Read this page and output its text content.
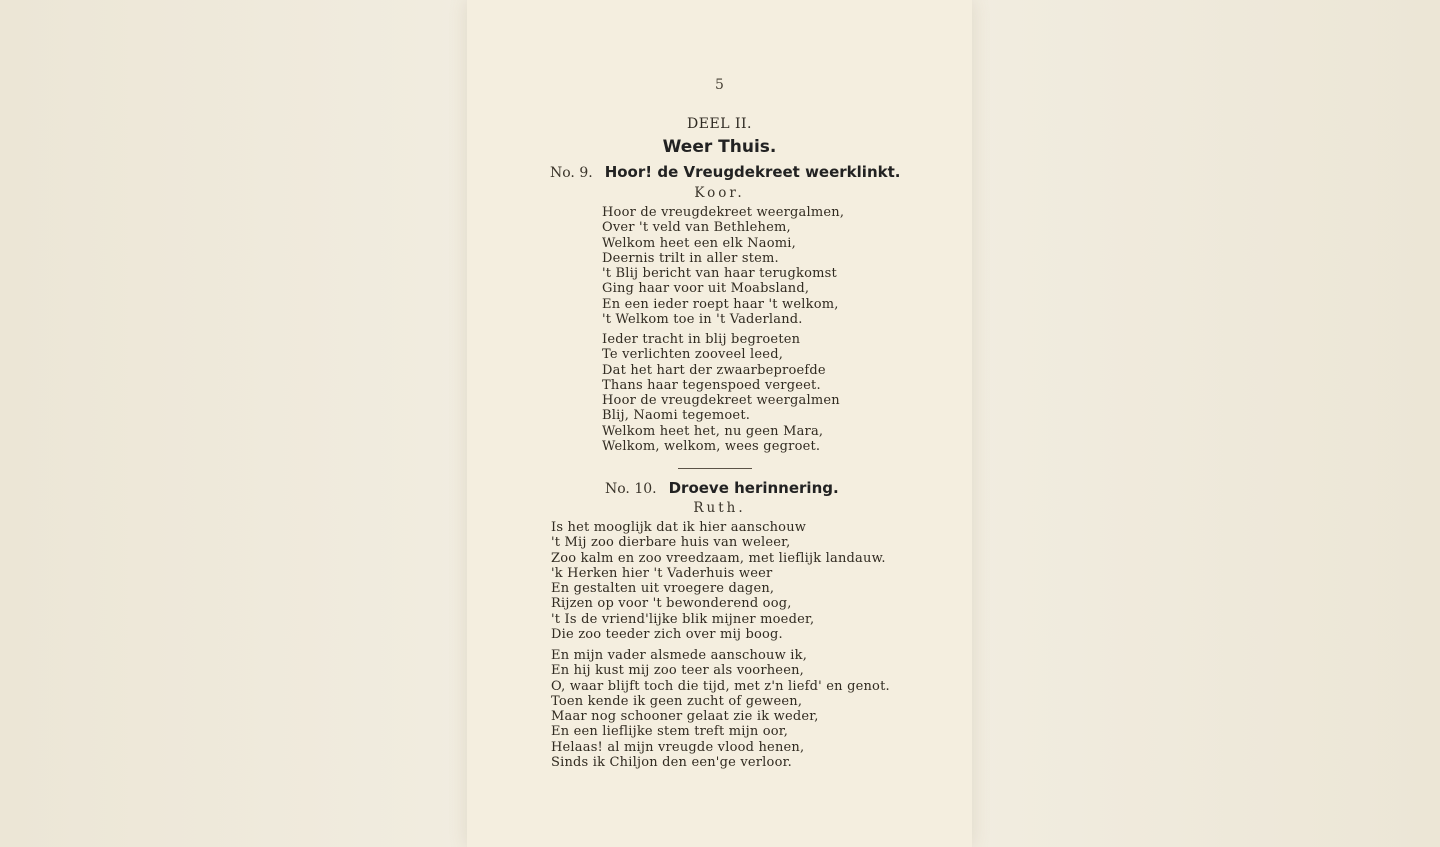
5
DEEL II.
Weer Thuis.
No. 9. Hoor! de Vreugdekreet weerklinkt.
Koor.
Hoor de vreugdekreet weergalmen,
Over 't veld van Bethlehem,
Welkom heet een elk Naomi,
Deernis trilt in aller stem.
't Blij bericht van haar terugkomst
Ging haar voor uit Moabsland,
En een ieder roept haar 't welkom,
't Welkom toe in 't Vaderland.
Ieder tracht in blij begroeten
Te verlichten zooveel leed,
Dat het hart der zwaarbeproefde
Thans haar tegenspoed vergeet.
Hoor de vreugdekreet weergalmen
Blij, Naomi tegemoet.
Welkom heet het, nu geen Mara,
Welkom, welkom, wees gegroet.
No. 10. Droeve herinnering.
Ruth.
Is het mooglijk dat ik hier aanschouw
't Mij zoo dierbare huis van weleer,
Zoo kalm en zoo vreedzaam, met lieflijk landauw.
'k Herken hier 't Vaderhuis weer
En gestalten uit vroegere dagen,
Rijzen op voor 't bewonderend oog,
't Is de vriend'lijke blik mijner moeder,
Die zoo teeder zich over mij boog.
En mijn vader alsmede aanschouw ik,
En hij kust mij zoo teer als voorheen,
O, waar blijft toch die tijd, met z'n liefd' en genot.
Toen kende ik geen zucht of geween,
Maar nog schooner gelaat zie ik weder,
En een lieflijke stem treft mijn oor,
Helaas! al mijn vreugde vlood henen,
Sinds ik Chiljon den een'ge verloor.
